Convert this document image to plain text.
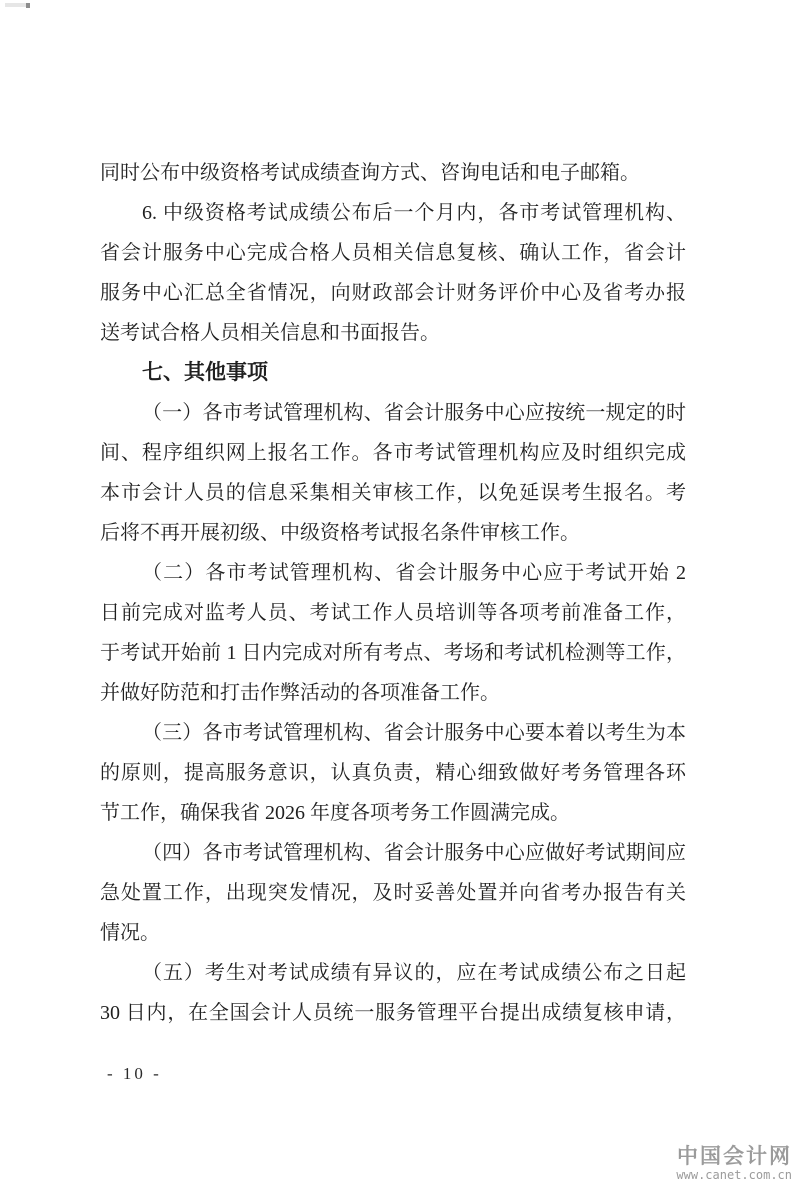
同时公布中级资格考试成绩查询方式、咨询电话和电子邮箱。
6. 中级资格考试成绩公布后一个月内，各市考试管理机构、
省会计服务中心完成合格人员相关信息复核、确认工作，省会计
服务中心汇总全省情况，向财政部会计财务评价中心及省考办报
送考试合格人员相关信息和书面报告。
七、其他事项
（一）各市考试管理机构、省会计服务中心应按统一规定的时
间、程序组织网上报名工作。各市考试管理机构应及时组织完成
本市会计人员的信息采集相关审核工作，以免延误考生报名。考
后将不再开展初级、中级资格考试报名条件审核工作。
（二）各市考试管理机构、省会计服务中心应于考试开始 2
日前完成对监考人员、考试工作人员培训等各项考前准备工作，
于考试开始前 1 日内完成对所有考点、考场和考试机检测等工作，
并做好防范和打击作弊活动的各项准备工作。
（三）各市考试管理机构、省会计服务中心要本着以考生为本
的原则，提高服务意识，认真负责，精心细致做好考务管理各环
节工作，确保我省 2026 年度各项考务工作圆满完成。
（四）各市考试管理机构、省会计服务中心应做好考试期间应
急处置工作，出现突发情况，及时妥善处置并向省考办报告有关
情况。
（五）考生对考试成绩有异议的，应在考试成绩公布之日起
30 日内，在全国会计人员统一服务管理平台提出成绩复核申请，
- 10 -
中国会计网
www.canet.com.cn
